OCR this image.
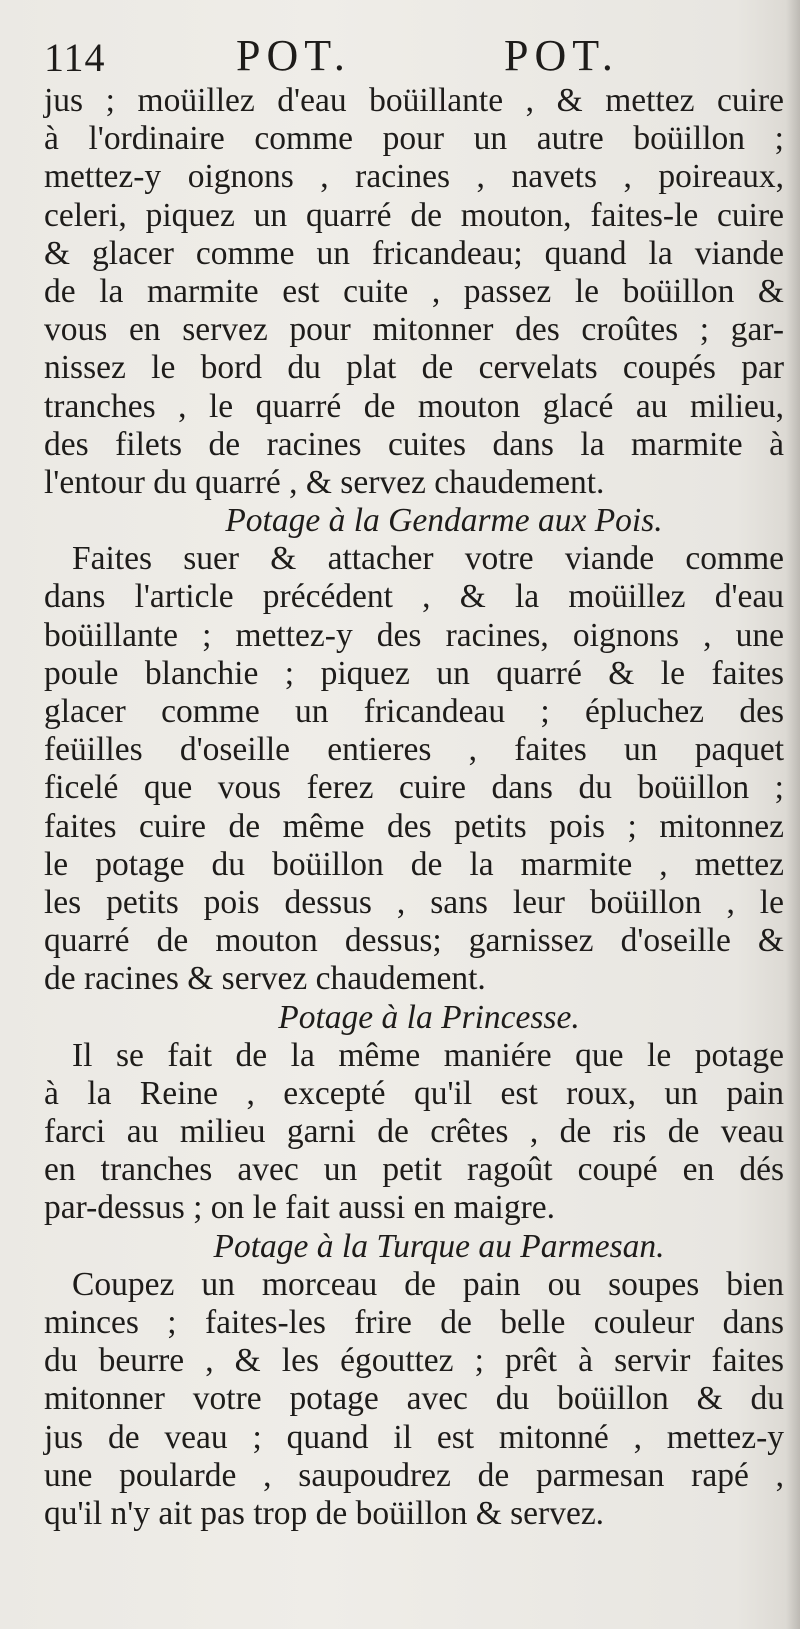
114	POT.	POT.
jus ; moüillez d'eau boüillante , & mettez cuire
à l'ordinaire comme pour un autre boüillon ;
mettez-y oignons , racines , navets , poireaux,
celeri, piquez un quarré de mouton, faites-le cuire
& glacer comme un fricandeau; quand la viande
de la marmite est cuite , passez le boüillon &
vous en servez pour mitonner des croûtes ; gar-
nissez le bord du plat de cervelats coupés par
tranches , le quarré de mouton glacé au milieu,
des filets de racines cuites dans la marmite à
l'entour du quarré , & servez chaudement.
Potage à la Gendarme aux Pois.
Faites suer & attacher votre viande comme
dans l'article précédent , & la moüillez d'eau
boüillante ; mettez-y des racines, oignons , une
poule blanchie ; piquez un quarré & le faites
glacer comme un fricandeau ; épluchez des
feüilles d'oseille entieres , faites un paquet
ficelé que vous ferez cuire dans du boüillon ;
faites cuire de même des petits pois ; mitonnez
le potage du boüillon de la marmite , mettez
les petits pois dessus , sans leur boüillon , le
quarré de mouton dessus; garnissez d'oseille &
de racines & servez chaudement.
Potage à la Princesse.
Il se fait de la même maniére que le potage
à la Reine , excepté qu'il est roux, un pain
farci au milieu garni de crêtes , de ris de veau
en tranches avec un petit ragoût coupé en dés
par-dessus ; on le fait aussi en maigre.
Potage à la Turque au Parmesan.
Coupez un morceau de pain ou soupes bien
minces ; faites-les frire de belle couleur dans
du beurre , & les égouttez ; prêt à servir faites
mitonner votre potage avec du boüillon & du
jus de veau ; quand il est mitonné , mettez-y
une poularde , saupoudrez de parmesan rapé ,
qu'il n'y ait pas trop de boüillon & servez.
